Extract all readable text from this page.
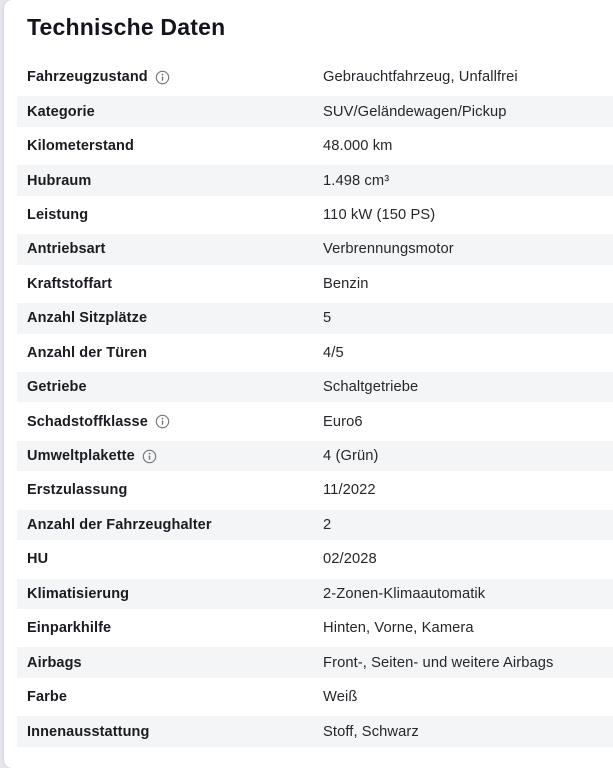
Technische Daten
Fahrzeugzustand	Gebrauchtfahrzeug, Unfallfrei
Kategorie	SUV/Geländewagen/Pickup
Kilometerstand	48.000 km
Hubraum	1.498 cm³
Leistung	110 kW (150 PS)
Antriebsart	Verbrennungsmotor
Kraftstoffart	Benzin
Anzahl Sitzplätze	5
Anzahl der Türen	4/5
Getriebe	Schaltgetriebe
Schadstoffklasse	Euro6
Umweltplakette	4 (Grün)
Erstzulassung	11/2022
Anzahl der Fahrzeughalter	2
HU	02/2028
Klimatisierung	2-Zonen-Klimaautomatik
Einparkhilfe	Hinten, Vorne, Kamera
Airbags	Front-, Seiten- und weitere Airbags
Farbe	Weiß
Innenausstattung	Stoff, Schwarz
